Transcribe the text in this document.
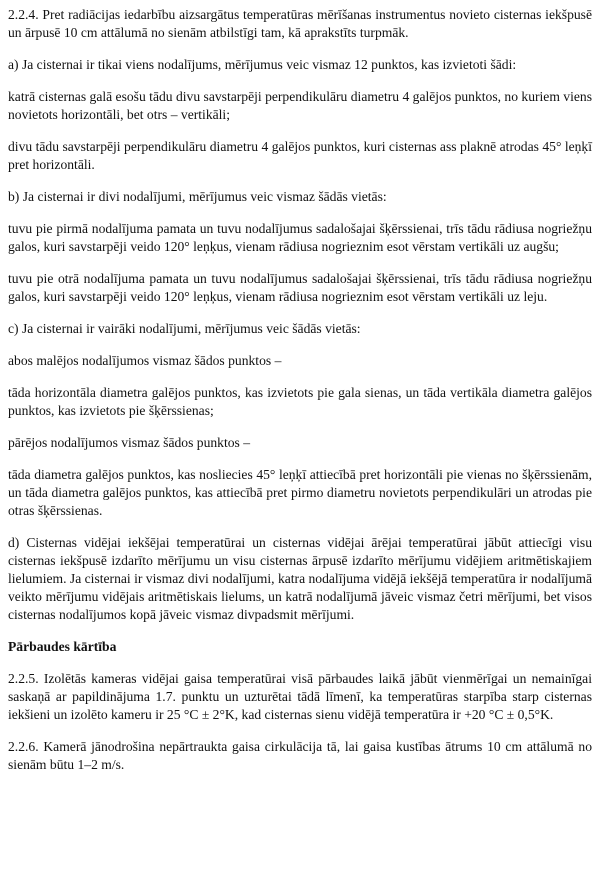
2.2.4. Pret radiācijas iedarbību aizsargātus temperatūras mērīšanas instrumentus novieto cisternas iekšpusē un ārpusē 10 cm attālumā no sienām atbilstīgi tam, kā aprakstīts turpmāk.

a) Ja cisternai ir tikai viens nodalījums, mērījumus veic vismaz 12 punktos, kas izvietoti šādi:

katrā cisternas galā esošu tādu divu savstarpēji perpendikulāru diametru 4 galējos punktos, no kuriem viens novietots horizontāli, bet otrs – vertikāli;

divu tādu savstarpēji perpendikulāru diametru 4 galējos punktos, kuri cisternas ass plaknē atrodas 45° leņķī pret horizontāli.

b) Ja cisternai ir divi nodalījumi, mērījumus veic vismaz šādās vietās:

tuvu pie pirmā nodalījuma pamata un tuvu nodalījumus sadalošajai šķērssienai, trīs tādu rādiusa nogriežņu galos, kuri savstarpēji veido 120° leņķus, vienam rādiusa nogrieznim esot vērstam vertikāli uz augšu;

tuvu pie otrā nodalījuma pamata un tuvu nodalījumus sadalošajai šķērssienai, trīs tādu rādiusa nogriežņu galos, kuri savstarpēji veido 120° leņķus, vienam rādiusa nogrieznim esot vērstam vertikāli uz leju.

c) Ja cisternai ir vairāki nodalījumi, mērījumus veic šādās vietās:

abos malējos nodalījumos vismaz šādos punktos –

tāda horizontāla diametra galējos punktos, kas izvietots pie gala sienas, un tāda vertikāla diametra galējos punktos, kas izvietots pie šķērssienas;

pārējos nodalījumos vismaz šādos punktos –

tāda diametra galējos punktos, kas noslieciеs 45° leņķī attiecībā pret horizontāli pie vienas no šķērssienām, un tāda diametra galējos punktos, kas attiecībā pret pirmo diametru novietots perpendikulāri un atrodas pie otras šķērssienas.

d) Cisternas vidējai iekšējai temperatūrai un cisternas vidējai ārējai temperatūrai jābūt attiecīgi visu cisternas iekšpusē izdarīto mērījumu un visu cisternas ārpusē izdarīto mērījumu vidējiem aritmētiskajiem lielumiem. Ja cisternai ir vismaz divi nodalījumi, katra nodalījuma vidējā iekšējā temperatūra ir nodalījumā veikto mērījumu vidējais aritmētiskais lielums, un katrā nodalījumā jāveic vismaz četri mērījumi, bet visos cisternas nodalījumos kopā jāveic vismaz divpadsmit mērījumi.

Pārbaudes kārtība

2.2.5. Izolētās kameras vidējai gaisa temperatūrai visā pārbaudes laikā jābūt vienmērīgai un nemainīgai saskaņā ar papildinājuma 1.7. punktu un uzturētai tādā līmenī, ka temperatūras starpība starp cisternas iekšieni un izolēto kameru ir 25 °C ± 2°K, kad cisternas sienu vidējā temperatūra ir +20 °C ± 0,5°K.

2.2.6. Kamerā jānodrošina nepārtraukta gaisa cirkulācija tā, lai gaisa kustības ātrums 10 cm attālumā no sienām būtu 1–2 m/s.
